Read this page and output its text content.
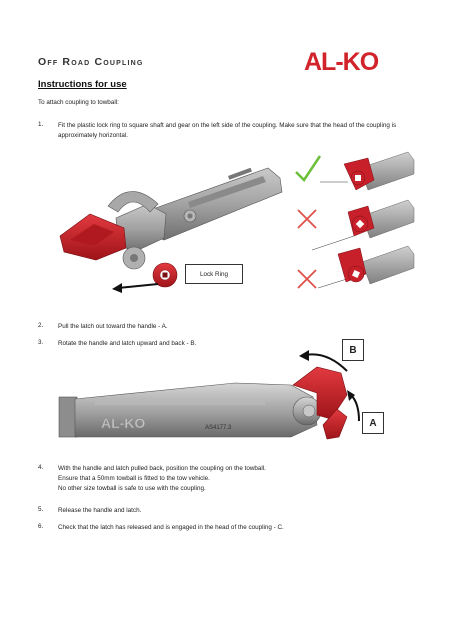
Off Road Coupling	AL-KO
Instructions for use
To attach coupling to towball:
1. Fit the plastic lock ring to square shaft and gear on the left side of the coupling. Make sure that the head of the coupling is approximately horizontal.
Lock Ring
2. Pull the latch out toward the handle - A.
3. Rotate the handle and latch upward and back - B.
AL-KO	AS4177.3
B
A
4. With the handle and latch pulled back, position the coupling on the towball.
Ensure that a 50mm towball is fitted to the tow vehicle.
No other size towball is safe to use with the coupling.
5. Release the handle and latch.
6. Check that the latch has released and is engaged in the head of the coupling - C.
